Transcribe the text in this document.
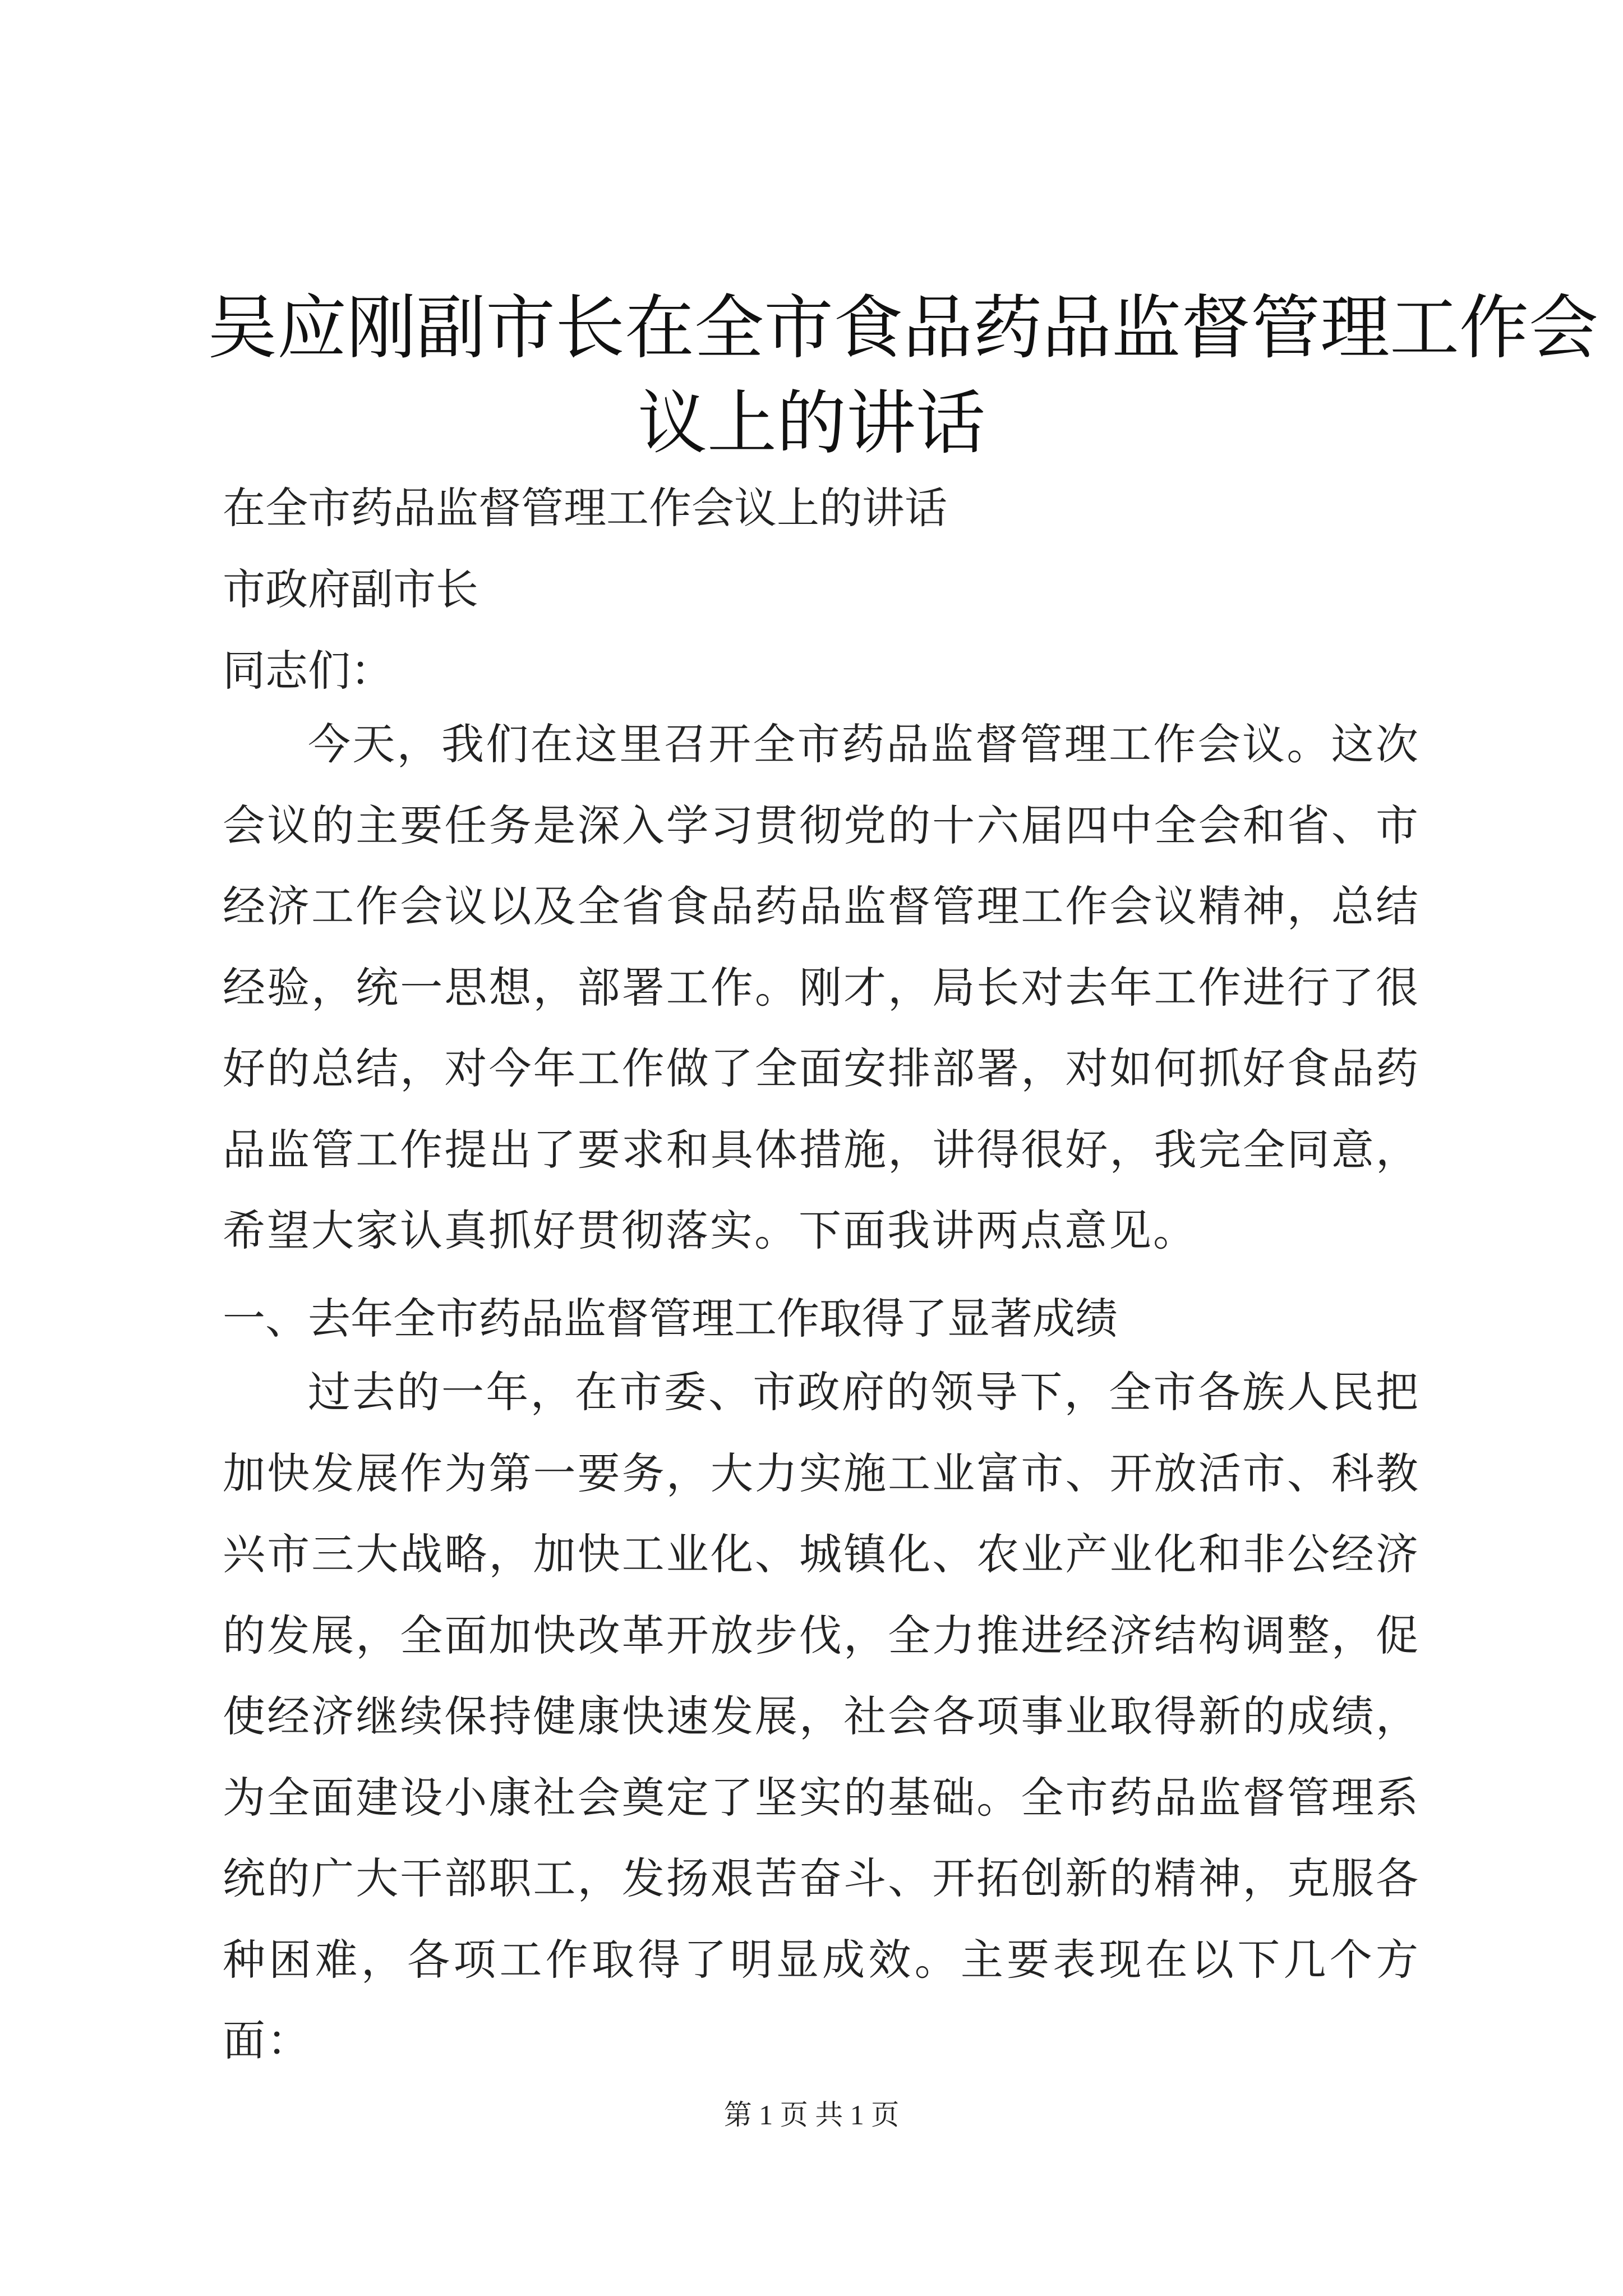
吴应刚副市长在全市食品药品监督管理工作会
议上的讲话
在全市药品监督管理工作会议上的讲话
市政府副市长
同志们：
今天，我们在这里召开全市药品监督管理工作会议。这次会议的主要任务是深入学习贯彻党的十六届四中全会和省、市经济工作会议以及全省食品药品监督管理工作会议精神，总结经验，统一思想，部署工作。刚才，局长对去年工作进行了很好的总结，对今年工作做了全面安排部署，对如何抓好食品药品监管工作提出了要求和具体措施，讲得很好，我完全同意，希望大家认真抓好贯彻落实。下面我讲两点意见。
一、去年全市药品监督管理工作取得了显著成绩
过去的一年，在市委、市政府的领导下，全市各族人民把加快发展作为第一要务，大力实施工业富市、开放活市、科教兴市三大战略，加快工业化、城镇化、农业产业化和非公经济的发展，全面加快改革开放步伐，全力推进经济结构调整，促使经济继续保持健康快速发展，社会各项事业取得新的成绩，为全面建设小康社会奠定了坚实的基础。全市药品监督管理系统的广大干部职工，发扬艰苦奋斗、开拓创新的精神，克服各种困难，各项工作取得了明显成效。主要表现在以下几个方面：
第 1 页 共 1 页
